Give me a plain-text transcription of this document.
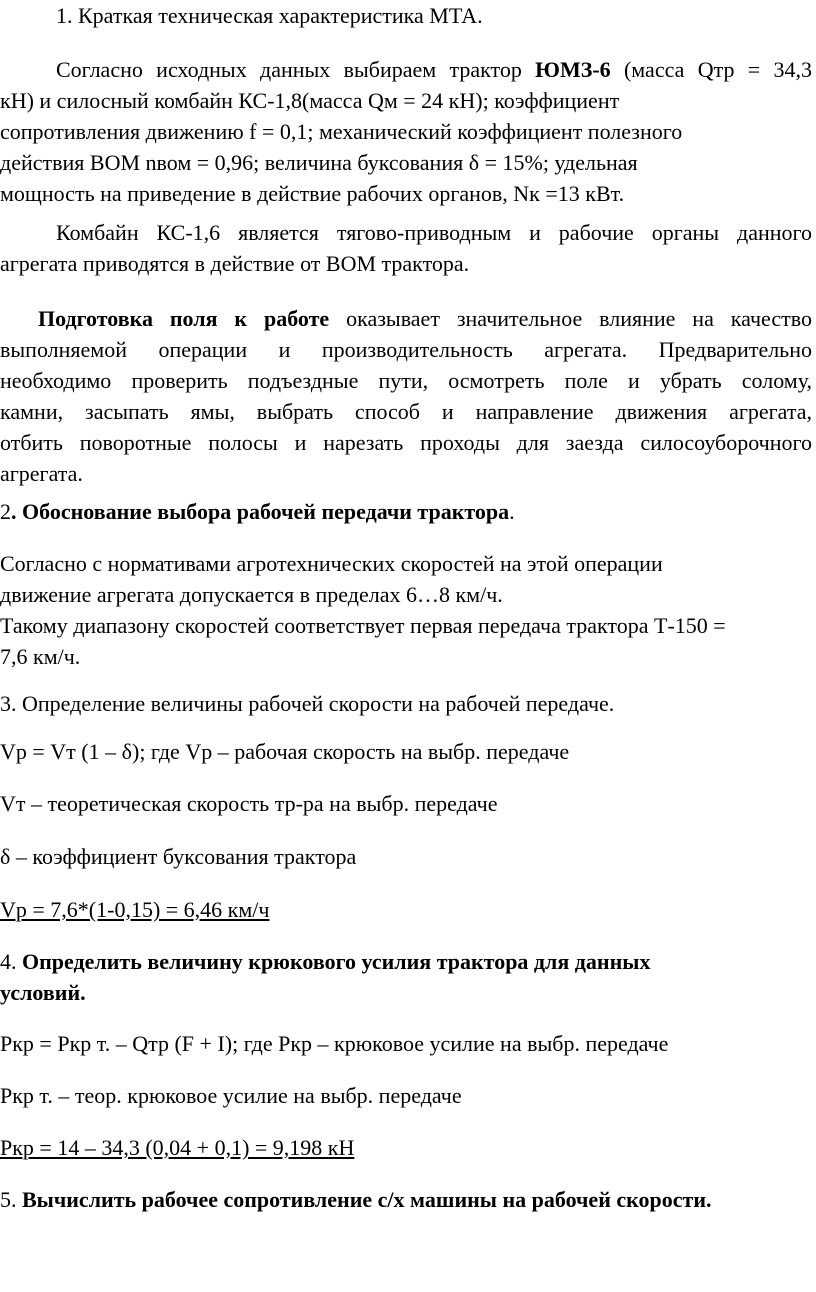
1. Краткая техническая характеристика МТА.
Согласно исходных данных выбираем трактор ЮМЗ-6 (масса Qтр = 34,3
кН) и силосный комбайн КС-1,8(масса Qм = 24 кН); коэффициент
сопротивления движению f = 0,1; механический коэффициент полезного
действия ВОМ nвом = 0,96; величина буксования δ = 15%; удельная
мощность на приведение в действие рабочих органов, Nк =13 кВт.
Комбайн КС-1,6 является тягово-приводным и рабочие органы данного
агрегата приводятся в действие от ВОМ трактора.
Подготовка поля к работе оказывает значительное влияние на качество
выполняемой операции и производительность агрегата. Предварительно
необходимо проверить подъездные пути, осмотреть поле и убрать солому,
камни, засыпать ямы, выбрать способ и направление движения агрегата,
отбить поворотные полосы и нарезать проходы для заезда силосоуборочного
агрегата.
2. Обоснование выбора рабочей передачи трактора.
Согласно с нормативами агротехнических скоростей на этой операции
движение агрегата допускается в пределах 6…8 км/ч.
Такому диапазону скоростей соответствует первая передача трактора Т-150 =
7,6 км/ч.
3. Определение величины рабочей скорости на рабочей передаче.
Vр = Vт (1 – δ); где Vр – рабочая скорость на выбр. передаче
Vт – теоретическая скорость тр-ра на выбр. передаче
δ – коэффициент буксования трактора
Vр = 7,6*(1-0,15) = 6,46 км/ч
4. Определить величину крюкового усилия трактора для данных
условий.
Ркр = Ркр т. – Qтр (F + I); где Ркр – крюковое усилие на выбр. передаче
Ркр т. – теор. крюковое усилие на выбр. передаче
Ркр = 14 – 34,3 (0,04 + 0,1) = 9,198 кН
5. Вычислить рабочее сопротивление с/х машины на рабочей скорости.
